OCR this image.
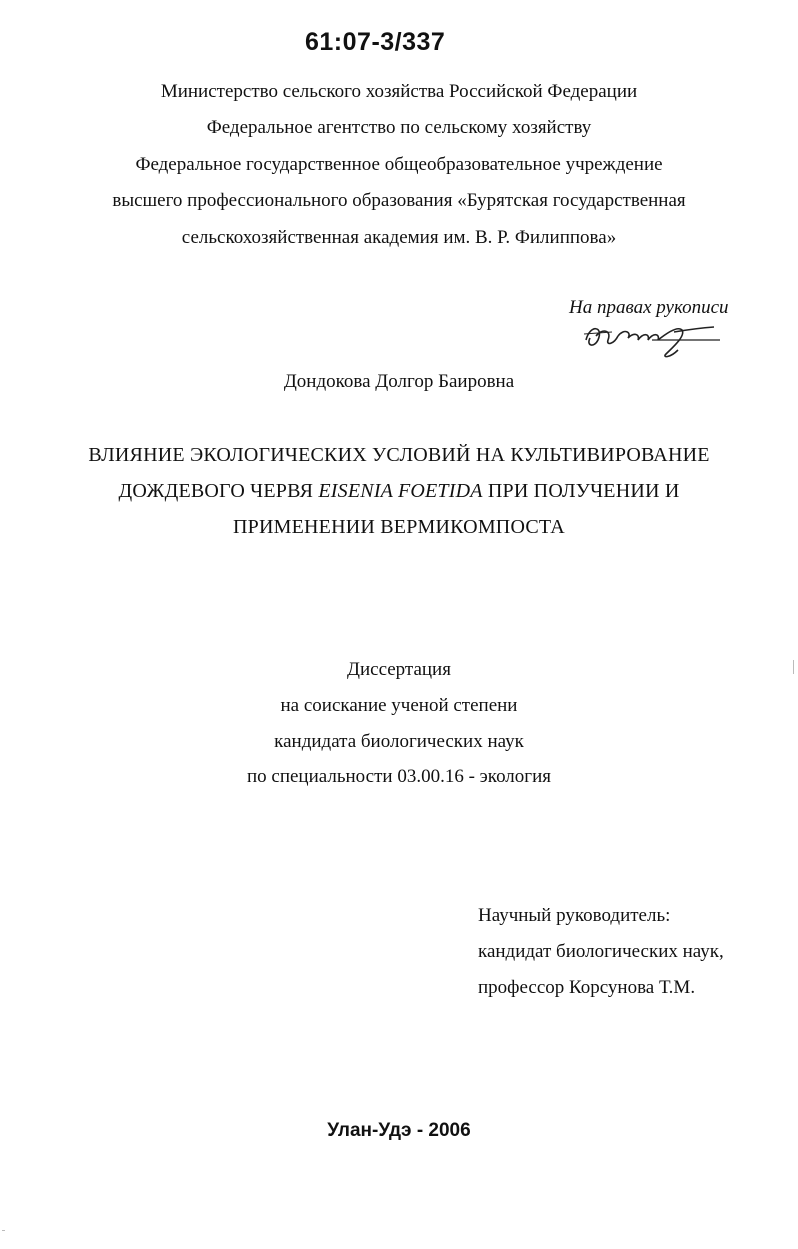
61:07-3/337
Министерство сельского хозяйства Российской Федерации
Федеральное агентство по сельскому хозяйству
Федеральное государственное общеобразовательное учреждение
высшего профессионального образования «Бурятская государственная
сельскохозяйственная академия им. В. Р. Филиппова»
На правах рукописи
Дондокова Долгор Баировна
ВЛИЯНИЕ ЭКОЛОГИЧЕСКИХ УСЛОВИЙ НА КУЛЬТИВИРОВАНИЕ
ДОЖДЕВОГО ЧЕРВЯ EISENIA FOETIDA ПРИ ПОЛУЧЕНИИ И
ПРИМЕНЕНИИ ВЕРМИКОМПОСТА
Диссертация
на соискание ученой степени
кандидата биологических наук
по специальности 03.00.16 - экология
Научный руководитель:
кандидат биологических наук,
профессор Корсунова Т.М.
Улан-Удэ - 2006
